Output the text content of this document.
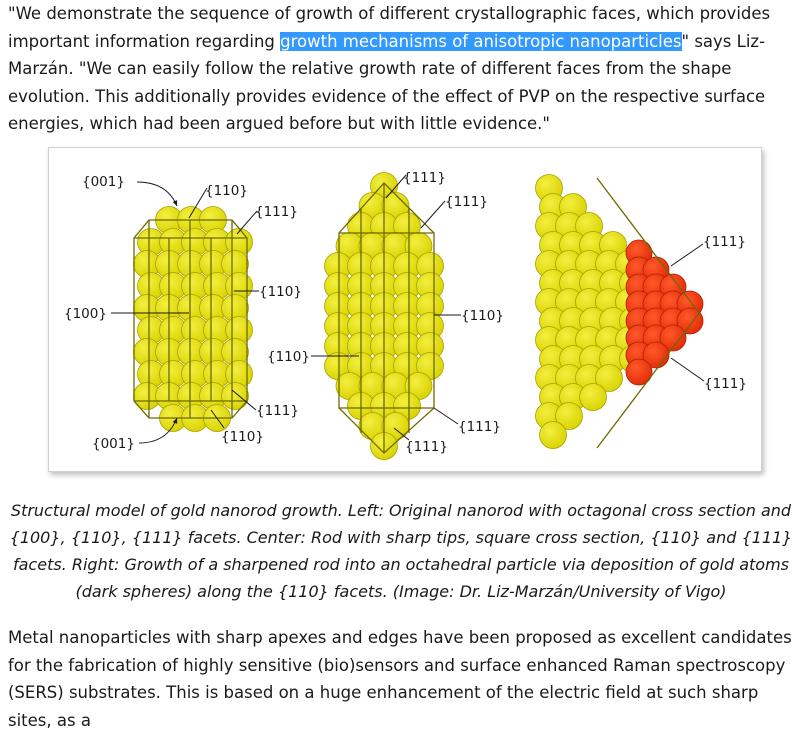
"We demonstrate the sequence of growth of different crystallographic faces, which provides important information regarding growth mechanisms of anisotropic nanoparticles" says Liz-Marzán. "We can easily follow the relative growth rate of different faces from the shape evolution. This additionally provides evidence of the effect of PVP on the respective surface energies, which had been argued before but with little evidence."

{001}
{110}
{111}
{110}
{100}
{111}
{110}
{001}
{111}
{111}
{110}
{110}
{111}
{111}
{111}
{111}

Structural model of gold nanorod growth. Left: Original nanorod with octagonal cross section and {100}, {110}, {111} facets. Center: Rod with sharp tips, square cross section, {110} and {111} facets. Right: Growth of a sharpened rod into an octahedral particle via deposition of gold atoms (dark spheres) along the {110} facets. (Image: Dr. Liz-Marzán/University of Vigo)

Metal nanoparticles with sharp apexes and edges have been proposed as excellent candidates for the fabrication of highly sensitive (bio)sensors and surface enhanced Raman spectroscopy (SERS) substrates. This is based on a huge enhancement of the electric field at such sharp sites, as a
